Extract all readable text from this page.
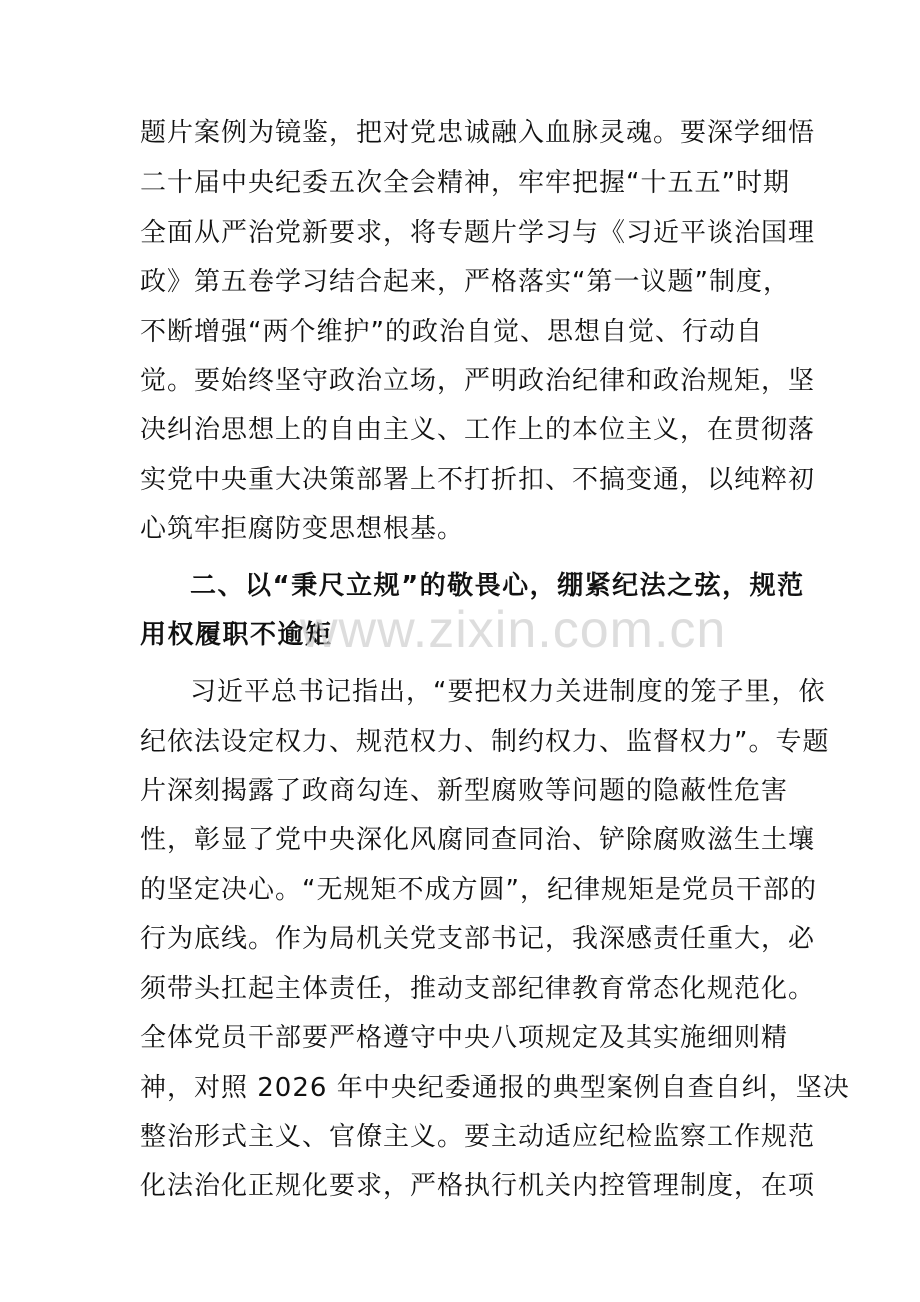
题片案例为镜鉴，把对党忠诚融入血脉灵魂。要深学细悟
二十届中央纪委五次全会精神，牢牢把握“十五五”时期
全面从严治党新要求，将专题片学习与《习近平谈治国理
政》第五卷学习结合起来，严格落实“第一议题”制度，
不断增强“两个维护”的政治自觉、思想自觉、行动自
觉。要始终坚守政治立场，严明政治纪律和政治规矩，坚
决纠治思想上的自由主义、工作上的本位主义，在贯彻落
实党中央重大决策部署上不打折扣、不搞变通，以纯粹初
心筑牢拒腐防变思想根基。
二、以“秉尺立规”的敬畏心，绷紧纪法之弦，规范
用权履职不逾矩
习近平总书记指出，“要把权力关进制度的笼子里，依
纪依法设定权力、规范权力、制约权力、监督权力”。专题
片深刻揭露了政商勾连、新型腐败等问题的隐蔽性危害
性，彰显了党中央深化风腐同查同治、铲除腐败滋生土壤
的坚定决心。“无规矩不成方圆”，纪律规矩是党员干部的
行为底线。作为局机关党支部书记，我深感责任重大，必
须带头扛起主体责任，推动支部纪律教育常态化规范化。
全体党员干部要严格遵守中央八项规定及其实施细则精
神，对照 2026 年中央纪委通报的典型案例自查自纠，坚决
整治形式主义、官僚主义。要主动适应纪检监察工作规范
化法治化正规化要求，严格执行机关内控管理制度，在项
www.zixin.com.cn
